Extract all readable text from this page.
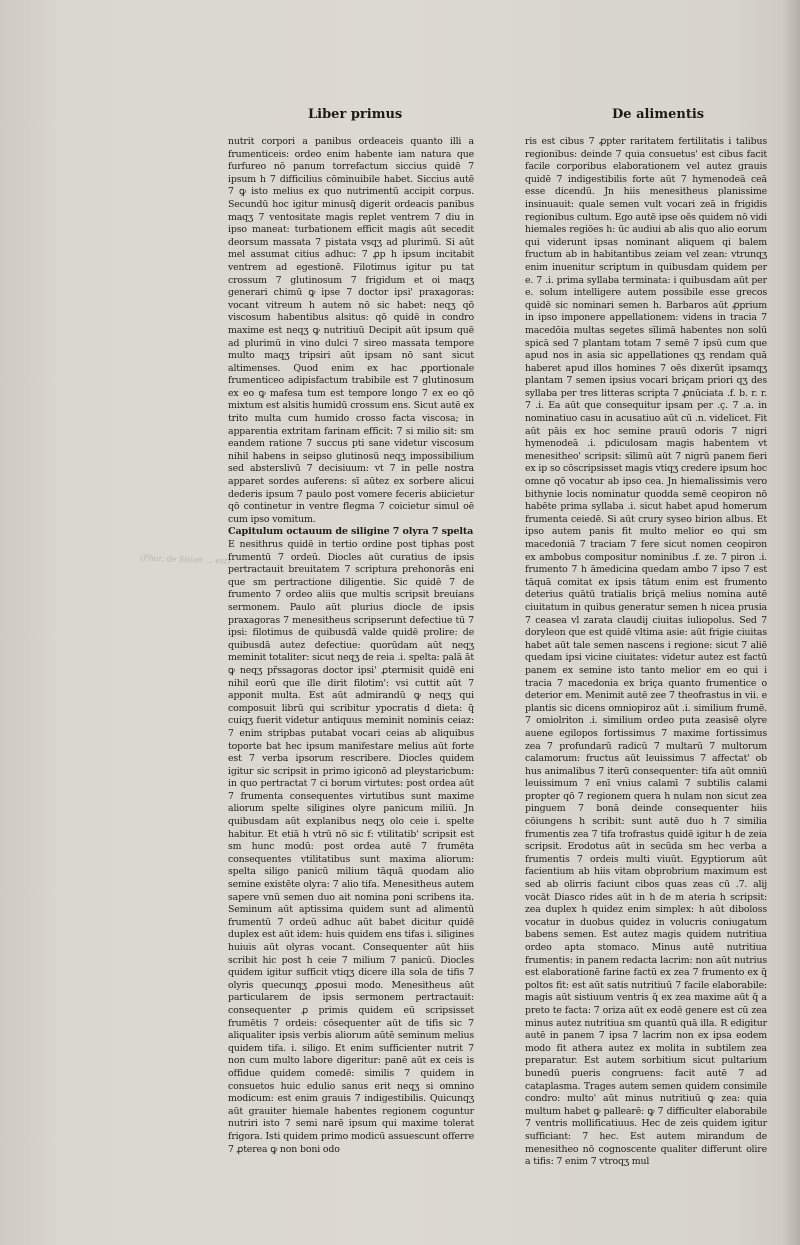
Liber primus	De alimentis
(Phar. de Sitian ... est)

nutrit corpori a panibus ordeaceis quanto illi a frumenticeis: ordeo enim habente iam natura que furfureo nō panum torrefactum siccius quidē 7 ipsum h 7 difficilius cōminuibile habet. Siccius autē 7 ꝙ isto melius ex quo nutrimentū accipit corpus. Secundū hoc igitur minusq̄ digerit ordeacis panibus maqʒ 7 ventositate magis replet ventrem 7 diu in ipso maneat: turbationem efficit magis aūt secedit deorsum massata 7 pistata vsqʒ ad plurimū. Si aūt mel assumat citius adhuc: 7 ꝓp h ipsum incitabit ventrem ad egestionē. Filotimus igitur pu tat crossum 7 glutinosum 7 frigidum et oi maqʒ generari chimū ꝙ ipse 7 doctor ipsi' praxagoras: vocant vitreum h autem nō sic habet: neqʒ qō viscosum habentibus alsitus: qō quidē in condro maxime est neqʒ ꝙ nutritiuū Decipit aūt ipsum quē ad plurimū in vino dulci 7 sireo massata tempore multo maqʒ tripsiri aūt ipsam nō sant sicut altimenses. Quod enim ex hac ꝓportionale frumenticeo adipisfactum trabibile est 7 glutinosum ex eo ꝙ mafesa tum est tempore longo 7 ex eo qō mixtum est alsitis humidū crossum ens. Sicut autē ex trito multa cum humido crosso facta viscosa; in apparentia extritam farinam efficit: 7 si milio sit: sm eandem ratione 7 succus pti sane videtur viscosum nihil habens in seipso glutinosū neqʒ impossibilium sed absterslivū 7 decisiuum: vt 7 in pelle nostra apparet sordes auferens: sī aūtez ex sorbere alicui dederis ipsum 7 paulo post vomere feceris abiicietur qō continetur in ventre flegma 7 coicietur simul oē cum ipso vomitum.

Capitulum octauum de siligine 7 olyra 7 spelta

E nesithrus quidē in tertio ordine post tiphas post frumentū 7 ordeū. Diocles aūt curatius de ipsis pertractauit breuitatem 7 scriptura prehonorās eni que sm pertractione diligentie. Sic quidē 7 de frumento 7 ordeo aliis que multis scripsit breuians sermonem. Paulo aūt plurius diocle de ipsis praxagoras 7 menesitheus scripserunt defectiue tū 7 ipsi: filotimus de quibusdā valde quidē prolire: de quibusdā autez defectiue: quorūdam aūt neqʒ meminit totaliter: sicut neqʒ de reia .i. spelta: palā āt ꝙ neqʒ pr̄ssagoras doctor ipsi' ꝓtermisit quidē eni nihil eorū que ille dirit filotim': vsi cuttit aūt 7 apponit multa. Est aūt admirandū ꝙ neqʒ qui composuit librū qui scribitur ypocratis d dieta: q̄ cuiqʒ fuerit videtur antiquus meminit nominis ceiaz: 7 enim stripbas putabat vocari ceias ab aliquibus toporte bat hec ipsum manifestare melius aūt forte est 7 verba ipsorum rescribere. Diocles quidem igitur sic scripsit in primo igiconō ad pleystaricbum: in quo pertractat 7 ci borum virtutes: post ordea aūt 7 frumenta consequentes virtutibus sunt maxime aliorum spelte siligines olyre panicum miliū. Jn quibusdam aūt explanibus neqʒ olo ceie i. spelte habitur. Et etiā h vtrū nō sic f: vtilitatib' scripsit est sm hunc modū: post ordea autē 7 frumēta consequentes vtilitatibus sunt maxima aliorum: spelta siligo panicū milium tāquā quodam alio semine existēte olyra: 7 alio tifa. Menesitheus autem sapere vnū semen duo ait nomina poni scribens ita. Seminum aūt aptissima quidem sunt ad alimentū frumentū 7 ordeū adhuc aūt babet dicitur quidē duplex est aūt idem: huis quidem ens tifas i. siligines huiuis aūt olyras vocant. Consequenter aūt hiis scribit hic post h ceie 7 milium 7 panicū. Diocles quidem igitur sufficit vtiqʒ dicere illa sola de tifis 7 olyris quecunqʒ ꝓposui modo. Menesitheus aūt particularem de ipsis sermonem pertractauit: consequenter ꝓ primis quidem eū scripsisset frumētis 7 ordeis: cōsequenter aūt de tifis sic 7 aliqualiter ipsis verbis aliorum aūtē seminum melius quidem tifa. i. siligo. Et enim sufficienter nutrit 7 non cum multo labore digeritur: panē aūt ex ceis is offidue quidem comedē: similis 7 quidem in consuetos huic edulio sanus erit neqʒ si omnino modicum: est enim grauis 7 indigestibilis. Quicunqʒ aūt grauiter hiemale habentes regionem coguntur nutriri isto 7 semi narē ipsum qui maxime tolerat frigora. Isti quidem primo modicū assuescunt offerre 7 ꝓterea ꝙ non boni odo

ris est cibus 7 ꝓpter raritatem fertilitatis i talibus regionibus: deinde 7 quia consuetus' est cibus facit facile corporibus elaborationem vel autez grauis quidē 7 indigestibilis forte aūt 7 hymenodeā ceā esse dicendū. Jn hiis menesitheus planissime insinuauit: quale semen vult vocari zeā in frigidis regionibus cultum. Ego autē ipse oēs quidem nō vidi hiemales regiōes h: ūc audiui ab alis quo alio eorum qui viderunt ipsas nominant aliquem qi balem fructum ab in habitantibus zeiam vel zean: vtrunqʒ enim inuenitur scriptum in quibusdam quidem per e. 7 .i. prima syllaba terminata: i quibusdam aūt per e. solum intelligere autem possibile esse grecos quidē sic nominari semen h. Barbaros aūt ꝓprium in ipso imponere appellationem: videns in tracia 7 macedōia multas segetes sīlimā habentes non solū spicā sed 7 plantam totam 7 semē 7 ipsū cum que apud nos in asia sic appellationes qʒ rendam quā haberet apud illos homines 7 oēs dixerūt ipsamqʒ plantam 7 semen ipsius vocari briçam priori qʒ des syllaba per tres litteras scripta 7 ꝓnūciata .f. b. r. r. 7 .i. Ea aūt que consequitur ipsam per .ç. 7 .a. in nominatiuo casu in acusatiuo aūt cū .n. videlicet. Fit aūt pāis ex hoc semine prauū odoris 7 nigri hymenodeā .i. pdiculosam magis habentem vt menesitheo' scripsit: sīlimū aūt 7 nigrū panem fieri ex ip so cōscripsisset magis vtiqʒ credere ipsum hoc omne qō vocatur ab ipso cea. Jn hiemalissimis vero bithynie locis nominatur quodda semē ceopiron nō habēte prima syllaba .i. sicut habet apud homerum frumenta ceiedē. Si aūt crury syseo birion albus. Et ipso autem panis fit multo melior eo qui sm macedoniā 7 traciam 7 fere sicut nomen ceopiron ex ambobus compositur nominibus .f. ze. 7 piron .i. frumento 7 h āmedicina quedam ambo 7 ipso 7 est tāquā comitat ex ipsis tātum enim est frumento deterius quātū tratialis briçā melius nomina autē ciuitatum in quibus generatur semen h nicea prusia 7 ceasea vl zarata claudij ciuitas iuliopolus. Sed 7 doryleon que est quidē vltima asie: aūt frigie ciuitas habet aūt tale semen nascens i regione: sicut 7 aliē quedam ipsi vicine ciuitates: videtur autez est factū panem ex semine isto tanto melior em eo qui i tracia 7 macedonia ex briça quanto frumentice o deterior em. Menimit autē zee 7 theofrastus in vii. e plantis sic dicens omniopiroz aūt .i. similium frumē. 7 omiolriton .i. similium ordeo puta zeasisē olyre auene egilopos fortissimus 7 maxime fortissimus zea 7 profundarū radicū 7 multarū 7 multorum calamorum: fructus aūt leuissimus 7 affectat' ob hus animalibus 7 iterū consequenter: tifa aūt omniū leuissimum 7 enī vnius calamī 7 subtilis calami propter qō 7 regionem quera h nulam non sicut zea pinguem 7 bonā deinde consequenter hiis cōiungens h scribit: sunt autē duo h 7 similia frumentis zea 7 tifa trofrastus quidē igitur h de zeia scripsit. Erodotus aūt in secūda sm hec verba a frumentis 7 ordeis multi viuūt. Egyptiorum aūt facientium ab hiis vitam obprobrium maximum est sed ab olirris faciunt cibos quas zeas cū .7. alij vocāt Diasco rides aūt in h de m ateria h scripsit: zea duplex h quidez enim simplex: h aūt diboloss vocatur in duobus quidez in volucris coniugatum babens semen. Est autez magis quidem nutritiua ordeo apta stomaco. Minus autē nutritiua frumentis: in panem redacta lacrim: non aūt nutrius est elaborationē farine factū ex zea 7 frumento ex q̄ poltos fit: est aūt satis nutritiuū 7 facile elaborabile: magis aūt sistiuum ventris q̄ ex zea maxime aūt q̄ a preto te facta: 7 oriza aūt ex eodē genere est cū zea minus autez nutritiua sm quantū quā illa. R edigitur autē in panem 7 ipsa 7 lacrim non ex ipsa eodem modo fit athera autez ex molita in subtilem zea preparatur. Est autem sorbitium sicut pultarium bunedū pueris congruens: facit autē 7 ad cataplasma. Trages autem semen quidem consimile condro: multo' aūt minus nutritiuū ꝙ zea: quia multum habet ꝙ pallearē: ꝙ 7 difficulter elaborabile 7 ventris mollificatiuus. Hec de zeis quidem igitur sufficiant: 7 hec. Est autem mirandum de menesitheo nō cognoscente qualiter differunt olire a tifis: 7 enim 7 vtroqʒ mul
